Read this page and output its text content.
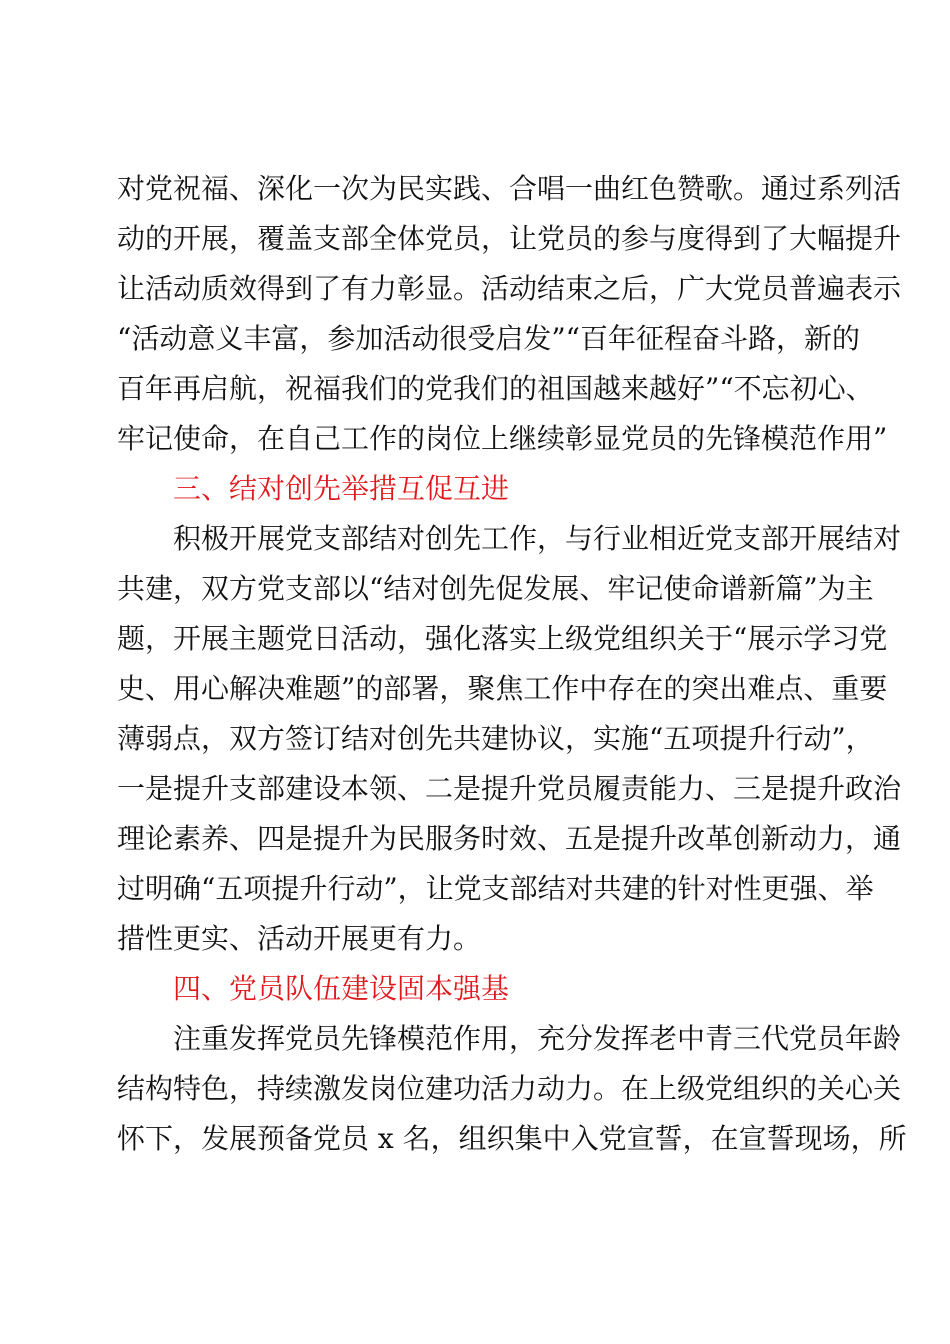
对党祝福、深化一次为民实践、合唱一曲红色赞歌。通过系列活
动的开展，覆盖支部全体党员，让党员的参与度得到了大幅提升
让活动质效得到了有力彰显。活动结束之后，广大党员普遍表示
“活动意义丰富，参加活动很受启发”“百年征程奋斗路，新的
百年再启航，祝福我们的党我们的祖国越来越好”“不忘初心、
牢记使命，在自己工作的岗位上继续彰显党员的先锋模范作用”
三、结对创先举措互促互进
积极开展党支部结对创先工作，与行业相近党支部开展结对
共建，双方党支部以“结对创先促发展、牢记使命谱新篇”为主
题，开展主题党日活动，强化落实上级党组织关于“展示学习党
史、用心解决难题”的部署，聚焦工作中存在的突出难点、重要
薄弱点，双方签订结对创先共建协议，实施“五项提升行动”，
一是提升支部建设本领、二是提升党员履责能力、三是提升政治
理论素养、四是提升为民服务时效、五是提升改革创新动力，通
过明确“五项提升行动”，让党支部结对共建的针对性更强、举
措性更实、活动开展更有力。
四、党员队伍建设固本强基
注重发挥党员先锋模范作用，充分发挥老中青三代党员年龄
结构特色，持续激发岗位建功活力动力。在上级党组织的关心关
怀下，发展预备党员 x 名，组织集中入党宣誓，在宣誓现场，所
